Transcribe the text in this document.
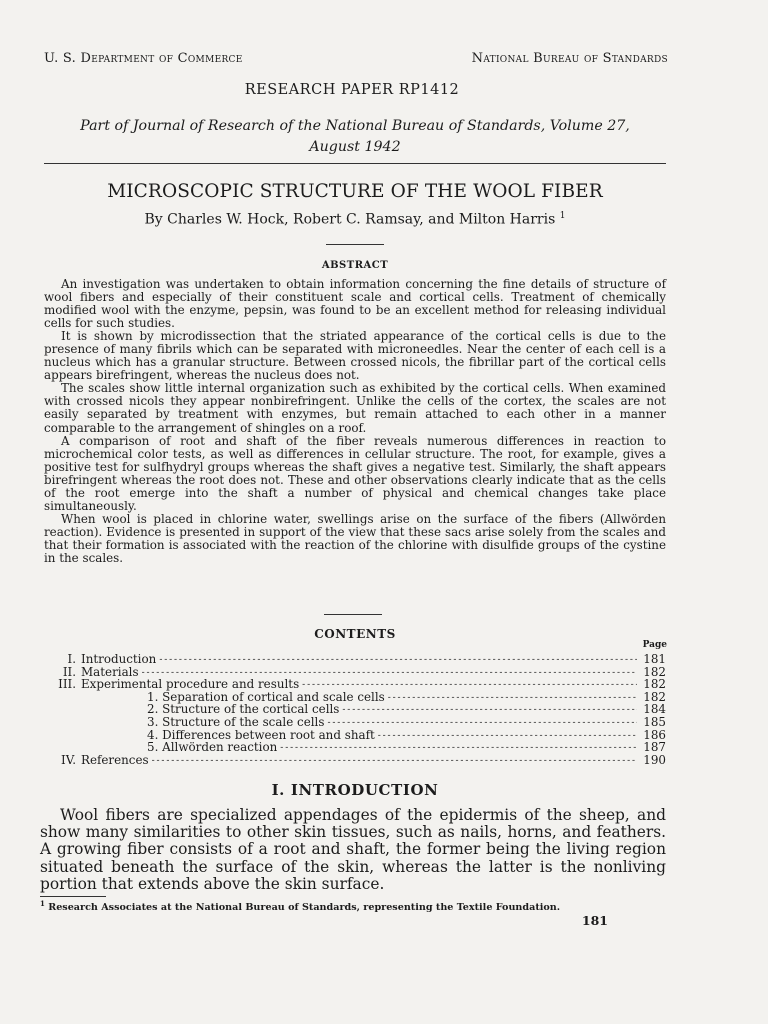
U. S. Department of Commerce	National Bureau of Standards
RESEARCH PAPER RP1412
Part of Journal of Research of the National Bureau of Standards, Volume 27,
August 1942
MICROSCOPIC STRUCTURE OF THE WOOL FIBER
By Charles W. Hock, Robert C. Ramsay, and Milton Harris $^1$
ABSTRACT

An investigation was undertaken to obtain information concerning the fine details of structure of wool fibers and especially of their constituent scale and cortical cells. Treatment of chemically modified wool with the enzyme, pepsin, was found to be an excellent method for releasing individual cells for such studies.

It is shown by microdissection that the striated appearance of the cortical cells is due to the presence of many fibrils which can be separated with microneedles. Near the center of each cell is a nucleus which has a granular structure. Between crossed nicols, the fibrillar part of the cortical cells appears birefringent, whereas the nucleus does not.

The scales show little internal organization such as exhibited by the cortical cells. When examined with crossed nicols they appear nonbirefringent. Unlike the cells of the cortex, the scales are not easily separated by treatment with enzymes, but remain attached to each other in a manner comparable to the arrangement of shingles on a roof.

A comparison of root and shaft of the fiber reveals numerous differences in reaction to microchemical color tests, as well as differences in cellular structure. The root, for example, gives a positive test for sulfhydryl groups whereas the shaft gives a negative test. Similarly, the shaft appears birefringent whereas the root does not. These and other observations clearly indicate that as the cells of the root emerge into the shaft a number of physical and chemical changes take place simultaneously.

When wool is placed in chlorine water, swellings arise on the surface of the fibers (Allwörden reaction). Evidence is presented in support of the view that these sacs arise solely from the scales and that their formation is associated with the reaction of the chlorine with disulfide groups of the cystine in the scales.

CONTENTS
Page
I. Introduction - - -	181
II. Materials - - -	182
III. Experimental procedure and results - - -	182
1. Separation of cortical and scale cells - - -	182
2. Structure of the cortical cells - - -	184
3. Structure of the scale cells - - -	185
4. Differences between root and shaft - - -	186
5. Allwörden reaction - - -	187
IV. References - - -	190
I. INTRODUCTION

Wool fibers are specialized appendages of the epidermis of the sheep, and show many similarities to other skin tissues, such as nails, horns, and feathers. A growing fiber consists of a root and shaft, the former being the living region situated beneath the surface of the skin, whereas the latter is the nonliving portion that extends above the skin surface.

$^1$ Research Associates at the National Bureau of Standards, representing the Textile Foundation.
181
